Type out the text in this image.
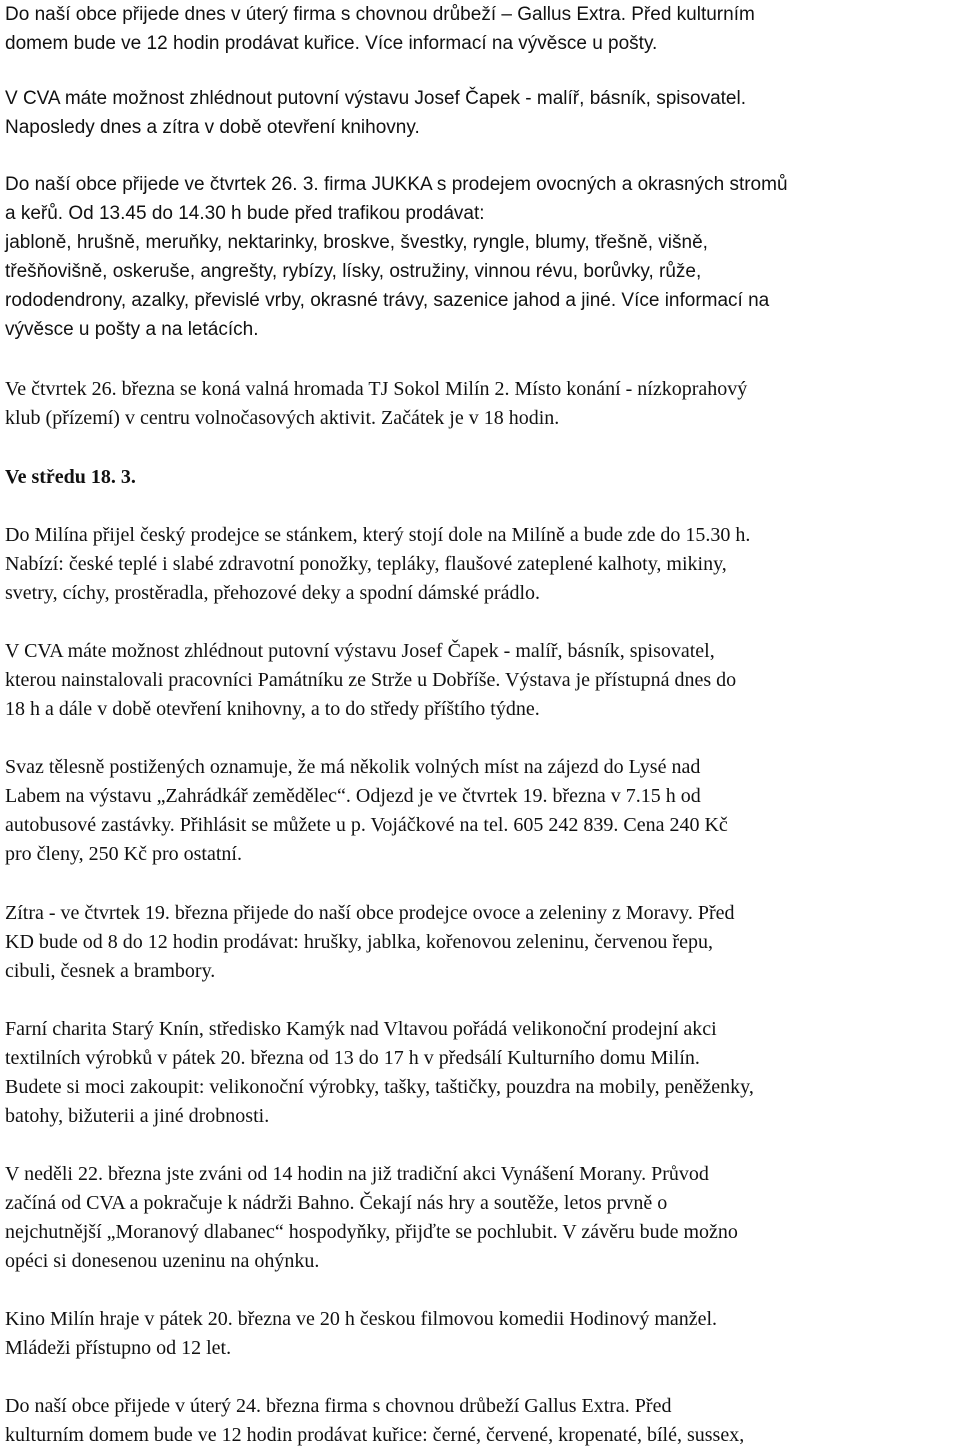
Do naší obce přijede dnes v úterý firma s chovnou drůbeží – Gallus Extra. Před kulturním
domem bude ve 12 hodin prodávat kuřice. Více informací na vývěsce u pošty.
V CVA máte možnost zhlédnout putovní výstavu Josef Čapek - malíř, básník, spisovatel.
Naposledy dnes a zítra v době otevření knihovny.
Do naší obce přijede ve čtvrtek 26. 3. firma JUKKA s prodejem ovocných a okrasných stromů
a keřů. Od 13.45 do 14.30 h bude před trafikou prodávat:
jabloně, hrušně, meruňky, nektarinky, broskve, švestky, ryngle, blumy, třešně, višně,
třešňovišně, oskeruše, angrešty, rybízy, lísky, ostružiny, vinnou révu, borůvky, růže,
rododendrony, azalky, převislé vrby, okrasné trávy, sazenice jahod a jiné. Více informací na
vývěsce u pošty a na letácích.
Ve čtvrtek 26. března se koná valná hromada TJ Sokol Milín 2. Místo konání - nízkoprahový
klub (přízemí) v centru volnočasových aktivit. Začátek je v 18 hodin.
Ve středu 18. 3.
Do Milína přijel český prodejce se stánkem, který stojí dole na Milíně a bude zde do 15.30 h.
Nabízí: české teplé i slabé zdravotní ponožky, tepláky, flaušové zateplené kalhoty, mikiny,
svetry, cíchy, prostěradla, přehozové deky a spodní dámské prádlo.
V CVA máte možnost zhlédnout putovní výstavu Josef Čapek - malíř, básník, spisovatel,
kterou nainstalovali pracovníci Památníku ze Strže u Dobříše. Výstava je přístupná dnes do
18 h a dále v době otevření knihovny, a to do středy příštího týdne.
Svaz tělesně postižených oznamuje, že má několik volných míst na zájezd do Lysé nad
Labem na výstavu „Zahrádkář zemědělec“. Odjezd je ve čtvrtek 19. března v 7.15 h od
autobusové zastávky. Přihlásit se můžete u p. Vojáčkové na tel. 605 242 839. Cena 240 Kč
pro členy, 250 Kč pro ostatní.
Zítra - ve čtvrtek 19. března přijede do naší obce prodejce ovoce a zeleniny z Moravy. Před
KD bude od 8 do 12 hodin prodávat: hrušky, jablka, kořenovou zeleninu, červenou řepu,
cibuli, česnek a brambory.
Farní charita Starý Knín, středisko Kamýk nad Vltavou pořádá velikonoční prodejní akci
textilních výrobků v pátek 20. března od 13 do 17 h v předsálí Kulturního domu Milín.
Budete si moci zakoupit: velikonoční výrobky, tašky, taštičky, pouzdra na mobily, peněženky,
batohy, bižuterii a jiné drobnosti.
V neděli 22. března jste zváni od 14 hodin na již tradiční akci Vynášení Morany. Průvod
začíná od CVA a pokračuje k nádrži Bahno. Čekají nás hry a soutěže, letos prvně o
nejchutnější „Moranový dlabanec“ hospodyňky, přijďte se pochlubit. V závěru bude možno
opéci si donesenou uzeninu na ohýnku.
Kino Milín hraje v pátek 20. března ve 20 h českou filmovou komedii Hodinový manžel.
Mládeži přístupno od 12 let.
Do naší obce přijede v úterý 24. března firma s chovnou drůbeží Gallus Extra. Před
kulturním domem bude ve 12 hodin prodávat kuřice: černé, červené, kropenaté, bílé, sussex,
